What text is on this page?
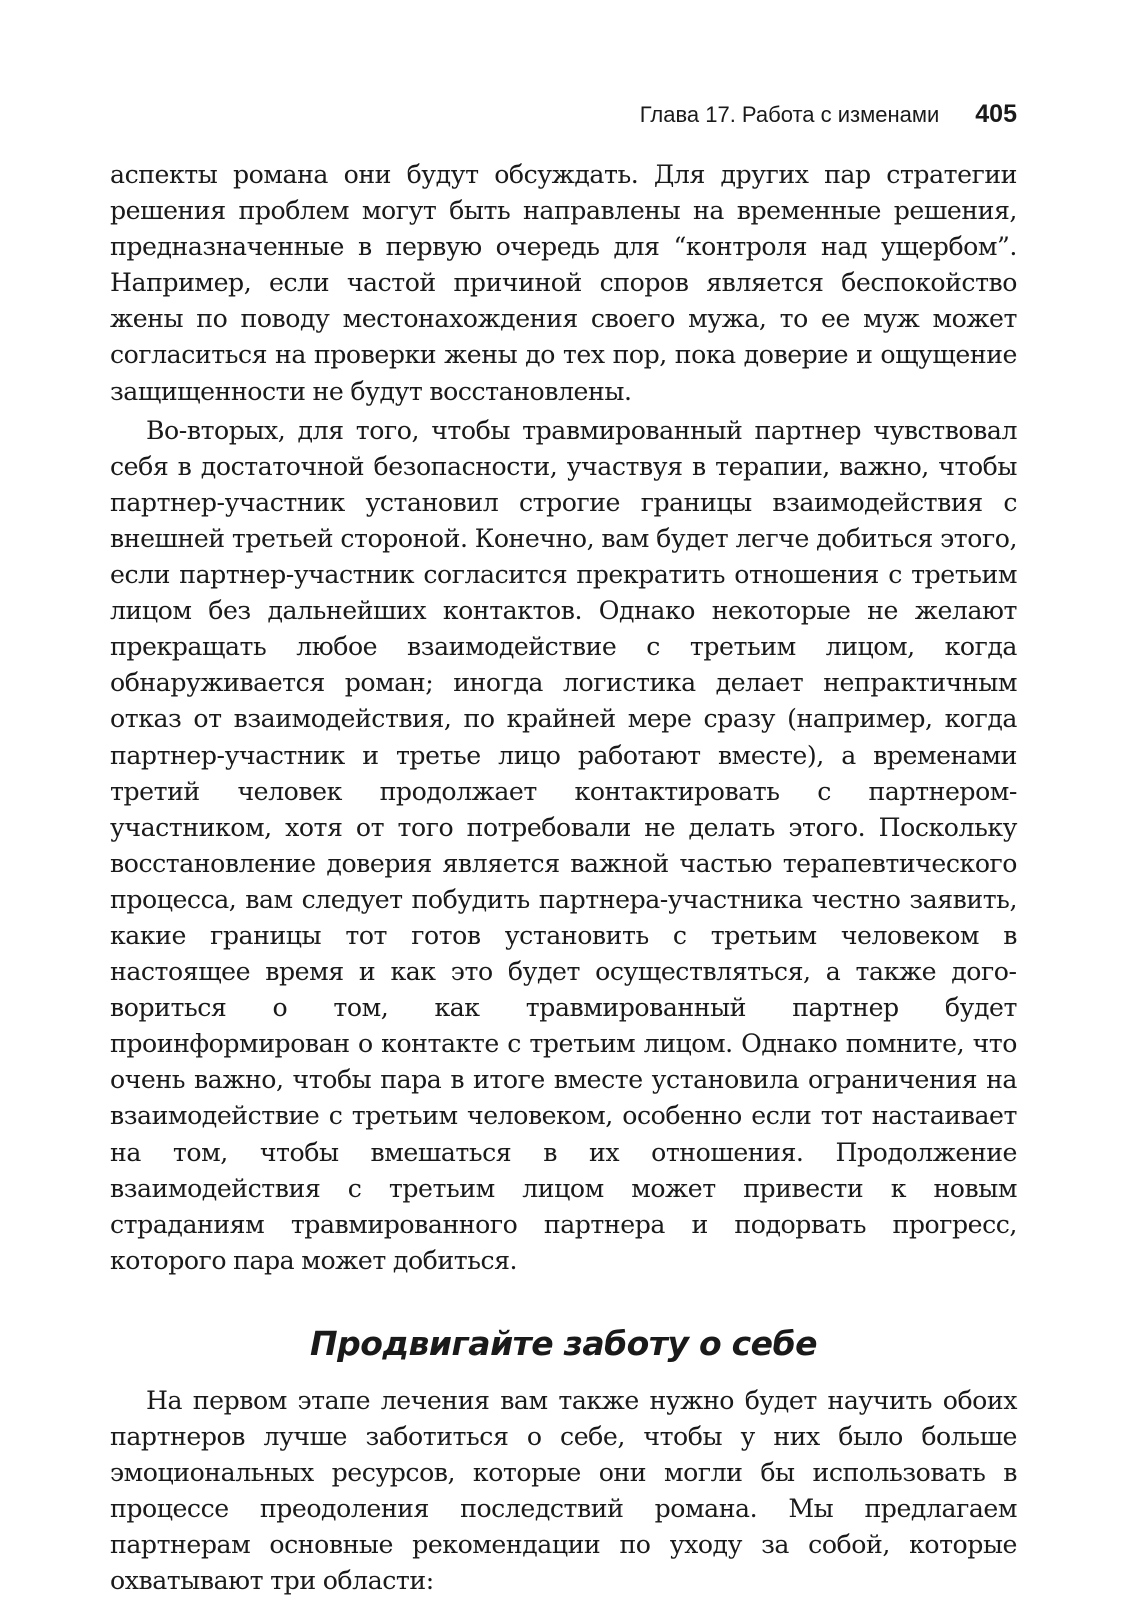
Глава 17. Работа с изменами 405

аспекты романа они будут обсуждать. Для других пар стратегии решения проблем могут быть направлены на временные решения, предназначенные в первую очередь для “контроля над ущербом”. Например, если частой причиной споров является беспокойство жены по поводу местонахождения своего мужа, то ее муж может согласиться на проверки жены до тех пор, пока доверие и ощущение защищенности не будут восстановлены.

Во-вторых, для того, чтобы травмированный партнер чувствовал себя в достаточной безопасности, участвуя в терапии, важно, чтобы партнер-участник установил строгие границы взаимодействия с внешней третьей стороной. Конечно, вам будет легче добиться этого, если партнер-участник согласится прекратить отношения с третьим лицом без дальнейших контактов. Однако некоторые не желают прекращать любое взаимодействие с третьим лицом, когда обнаруживается роман; иногда логистика делает непрактичным отказ от взаимодействия, по крайней мере сразу (например, когда партнер-участник и третье лицо работают вместе), а временами третий человек продолжает контактировать с партнером-участником, хотя от того потребовали не делать этого. Поскольку восстановление доверия является важной частью терапевтического процесса, вам следует побудить партнера-участника честно заявить, какие границы тот готов установить с третьим человеком в настоящее время и как это будет осуществляться, а также договориться о том, как травмированный партнер будет проинформирован о контакте с третьим лицом. Однако помните, что очень важно, чтобы пара в итоге вместе установила ограничения на взаимодействие с третьим человеком, особенно если тот настаивает на том, чтобы вмешаться в их отношения. Продолжение взаимодействия с третьим лицом может привести к новым страданиям травмированного партнера и подорвать прогресс, которого пара может добиться.

Продвигайте заботу о себе

На первом этапе лечения вам также нужно будет научить обоих партнеров лучше заботиться о себе, чтобы у них было больше эмоциональных ресурсов, которые они могли бы использовать в процессе преодоления последствий романа. Мы предлагаем партнерам основные рекомендации по уходу за собой, которые охватывают три области:
